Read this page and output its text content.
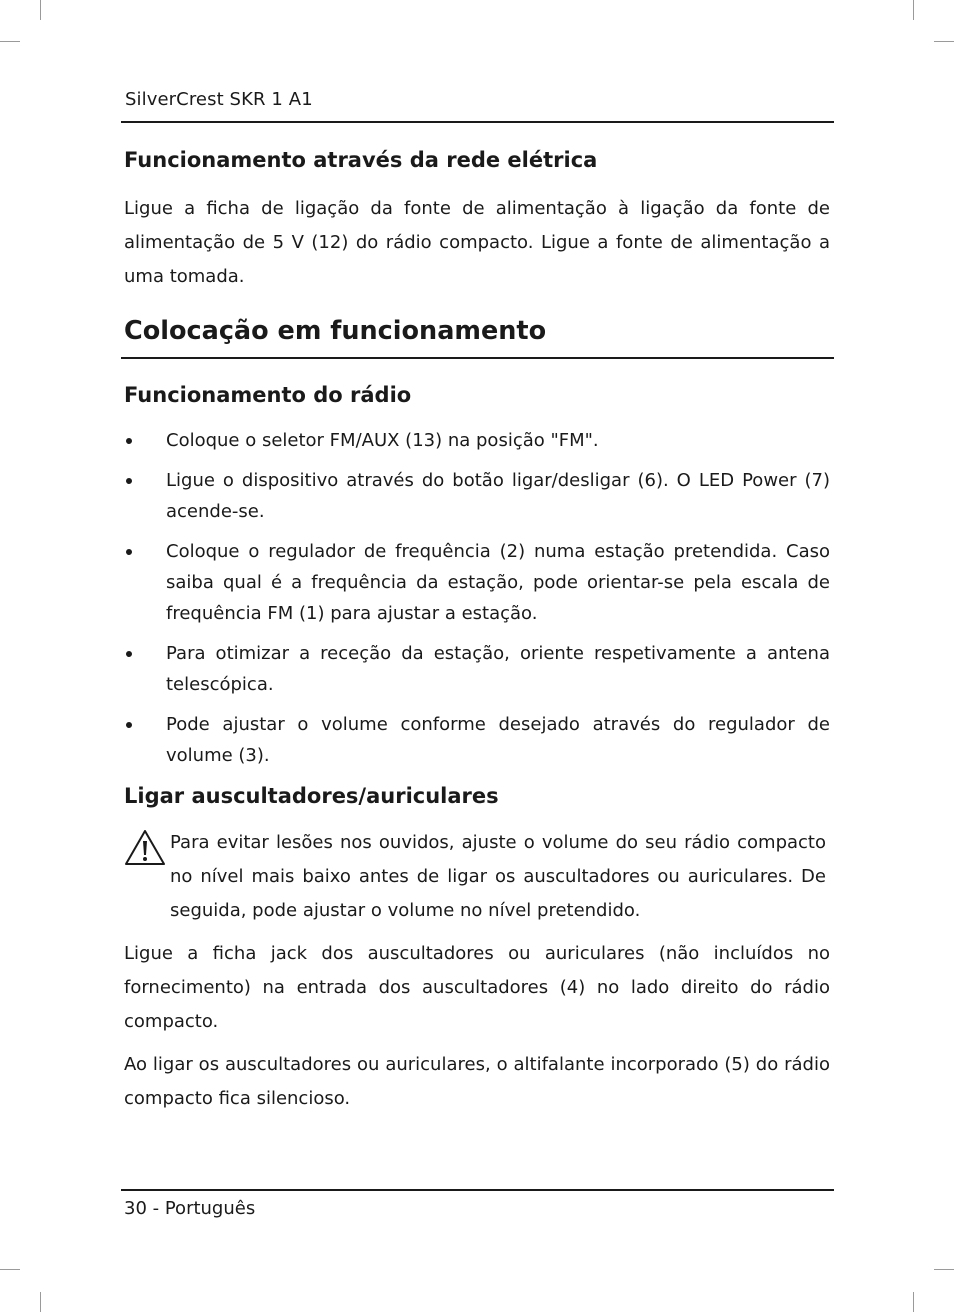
SilverCrest SKR 1 A1
Funcionamento através da rede elétrica

Ligue a ficha de ligação da fonte de alimentação à ligação da fonte de alimentação de 5 V (12) do rádio compacto. Ligue a fonte de alimentação a uma tomada.

Colocação em funcionamento
Funcionamento do rádio
Coloque o seletor FM/AUX (13) na posição "FM".
Ligue o dispositivo através do botão ligar/desligar (6). O LED Power (7) acende-se.
Coloque o regulador de frequência (2) numa estação pretendida. Caso saiba qual é a frequência da estação, pode orientar-se pela escala de frequência FM (1) para ajustar a estação.
Para otimizar a receção da estação, oriente respetivamente a antena telescópica.
Pode ajustar o volume conforme desejado através do regulador de volume (3).
Ligar auscultadores/auriculares

Para evitar lesões nos ouvidos, ajuste o volume do seu rádio compacto no nível mais baixo antes de ligar os auscultadores ou auriculares. De seguida, pode ajustar o volume no nível pretendido.

Ligue a ficha jack dos auscultadores ou auriculares (não incluídos no fornecimento) na entrada dos auscultadores (4) no lado direito do rádio compacto.

Ao ligar os auscultadores ou auriculares, o altifalante incorporado (5) do rádio compacto fica silencioso.

30 - Português
